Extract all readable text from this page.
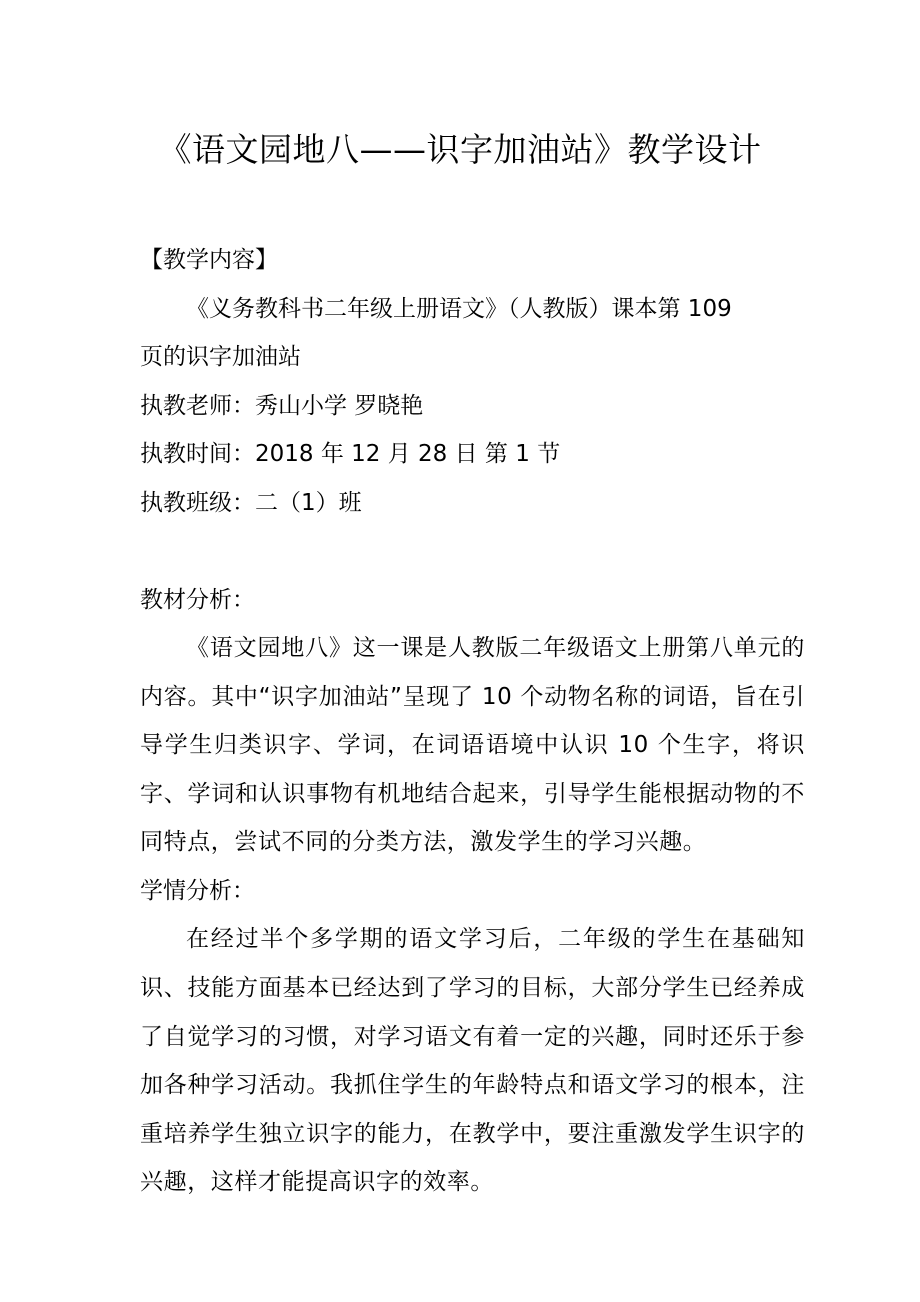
《语文园地八——识字加油站》教学设计
【教学内容】
《义务教科书二年级上册语文》（人教版）课本第 109
页的识字加油站
执教老师：秀山小学 罗晓艳
执教时间：2018 年 12 月 28 日 第 1 节
执教班级：二（1）班
教材分析：
《语文园地八》这一课是人教版二年级语文上册第八单元的内容。其中“识字加油站”呈现了 10 个动物名称的词语，旨在引导学生归类识字、学词，在词语语境中认识 10 个生字，将识字、学词和认识事物有机地结合起来，引导学生能根据动物的不同特点，尝试不同的分类方法，激发学生的学习兴趣。
学情分析：
在经过半个多学期的语文学习后，二年级的学生在基础知识、技能方面基本已经达到了学习的目标，大部分学生已经养成了自觉学习的习惯，对学习语文有着一定的兴趣，同时还乐于参加各种学习活动。我抓住学生的年龄特点和语文学习的根本，注重培养学生独立识字的能力，在教学中，要注重激发学生识字的兴趣，这样才能提高识字的效率。
